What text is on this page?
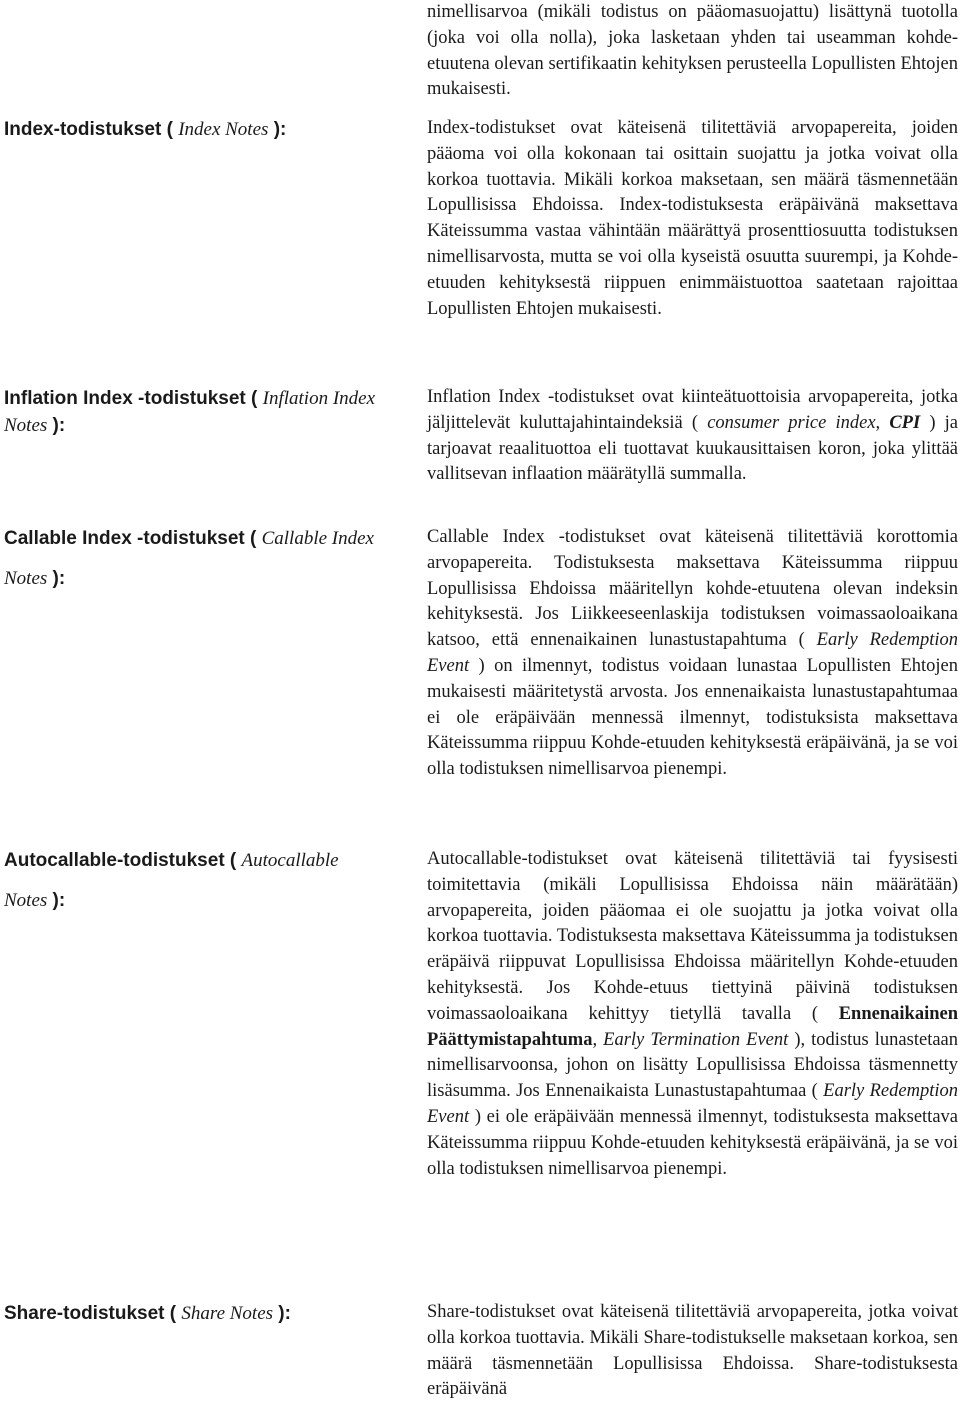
nimellisarvoa (mikäli todistus on pääomasuojattu) lisättynä tuotolla (joka voi olla nolla), joka lasketaan yhden tai useamman kohde-etuutena olevan sertifikaatin kehityksen perusteella Lopullisten Ehtojen mukaisesti.
Index-todistukset ( Index Notes ):	Index-todistukset ovat käteisenä tilitettäviä arvopapereita, joiden pääoma voi olla kokonaan tai osittain suojattu ja jotka voivat olla korkoa tuottavia. Mikäli korkoa maksetaan, sen määrä täsmennetään Lopullisissa Ehdoissa. Index-todistuksesta eräpäivänä maksettava Käteissumma vastaa vähintään määrättyä prosenttiosuutta todistuksen nimellisarvosta, mutta se voi olla kyseistä osuutta suurempi, ja Kohde-etuuden kehityksestä riippuen enimmäistuottoa saatetaan rajoittaa Lopullisten Ehtojen mukaisesti.
Inflation Index -todistukset ( Inflation Index Notes ):
Inflation Index -todistukset ovat kiinteätuottoisia arvopapereita, jotka jäljittelevät kuluttajahintaindeksiä ( consumer price index, CPI ) ja tarjoavat reaalituottoa eli tuottavat kuukausittaisen koron, joka ylittää vallitsevan inflaation määrätyllä summalla.
Callable Index -todistukset ( Callable Index Notes ):
Callable Index -todistukset ovat käteisenä tilitettäviä korottomia arvopapereita. Todistuksesta maksettava Käteissumma riippuu Lopullisissa Ehdoissa määritellyn kohde-etuutena olevan indeksin kehityksestä. Jos Liikkeeseenlaskija todistuksen voimassaoloaikana katsoo, että ennenaikainen lunastustapahtuma ( Early Redemption Event ) on ilmennyt, todistus voidaan lunastaa Lopullisten Ehtojen mukaisesti määritetystä arvosta. Jos ennenaikaista lunastustapahtumaa ei ole eräpäivään mennessä ilmennyt, todistuksista maksettava Käteissumma riippuu Kohde-etuuden kehityksestä eräpäivänä, ja se voi olla todistuksen nimellisarvoa pienempi.
Autocallable-todistukset ( Autocallable Notes ):
Autocallable-todistukset ovat käteisenä tilitettäviä tai fyysisesti toimitettavia (mikäli Lopullisissa Ehdoissa näin määrätään) arvopapereita, joiden pääomaa ei ole suojattu ja jotka voivat olla korkoa tuottavia. Todistuksesta maksettava Käteissumma ja todistuksen eräpäivä riippuvat Lopullisissa Ehdoissa määritellyn Kohde-etuuden kehityksestä. Jos Kohde-etuus tiettyinä päivinä todistuksen voimassaoloaikana kehittyy tietyllä tavalla ( Ennenaikainen Päättymistapahtuma, Early Termination Event ), todistus lunastetaan nimellisarvoonsa, johon on lisätty Lopullisissa Ehdoissa täsmennetty lisäsumma. Jos Ennenaikaista Lunastustapahtumaa ( Early Redemption Event ) ei ole eräpäivään mennessä ilmennyt, todistuksesta maksettava Käteissumma riippuu Kohde-etuuden kehityksestä eräpäivänä, ja se voi olla todistuksen nimellisarvoa pienempi.
Share-todistukset ( Share Notes ):	Share-todistukset ovat käteisenä tilitettäviä arvopapereita, jotka voivat olla korkoa tuottavia. Mikäli Share-todistukselle maksetaan korkoa, sen määrä täsmennetään Lopullisissa Ehdoissa. Share-todistuksesta eräpäivänä
